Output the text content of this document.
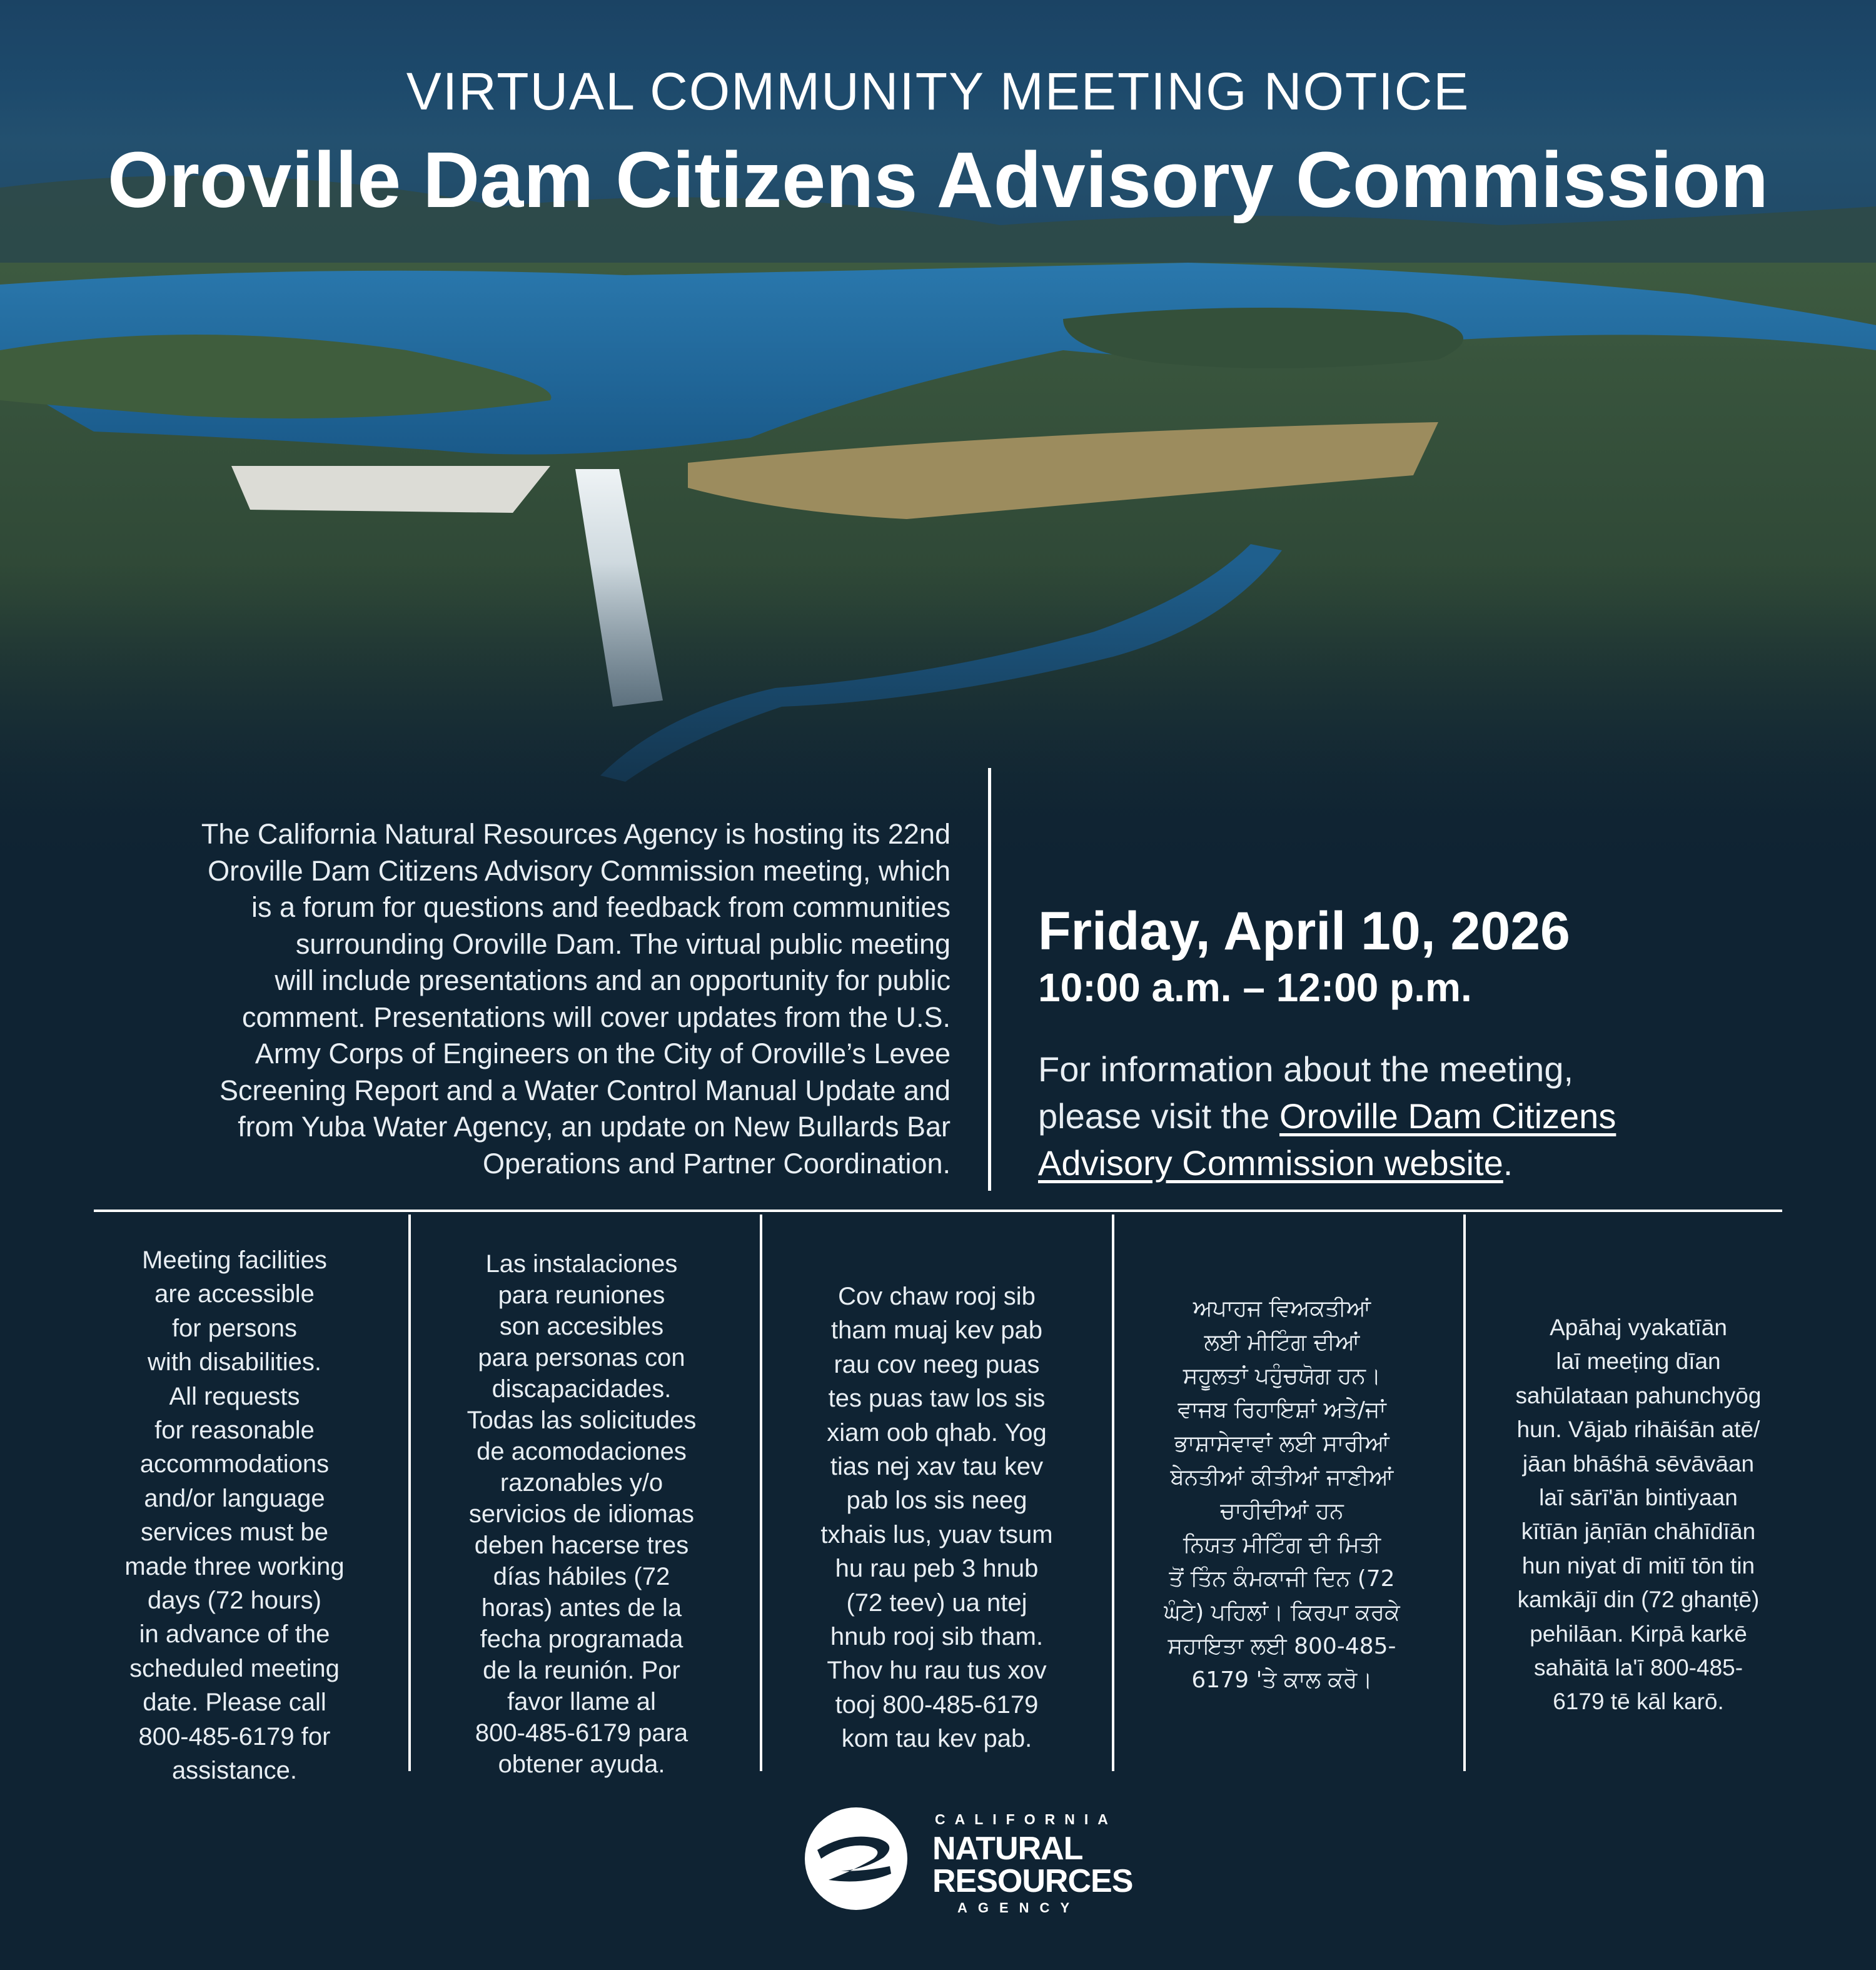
VIRTUAL COMMUNITY MEETING NOTICE
Oroville Dam Citizens Advisory Commission
The California Natural Resources Agency is hosting its 22nd
Oroville Dam Citizens Advisory Commission meeting, which
is a forum for questions and feedback from communities
surrounding Oroville Dam. The virtual public meeting
will include presentations and an opportunity for public
comment. Presentations will cover updates from the U.S.
Army Corps of Engineers on the City of Oroville’s Levee
Screening Report and a Water Control Manual Update and
from Yuba Water Agency, an update on New Bullards Bar
Operations and Partner Coordination.
Friday, April 10, 2026
10:00 a.m. – 12:00 p.m.
For information about the meeting,
please visit the Oroville Dam Citizens
Advisory Commission website.

Meeting facilities

are accessible

for persons

with disabilities.

All requests

for reasonable

accommodations

and/or language

services must be

made three working

days (72 hours)

in advance of the

scheduled meeting

date. Please call

800-485-6179 for

assistance.

Las instalaciones

para reuniones

son accesibles

para personas con

discapacidades.

Todas las solicitudes

de acomodaciones

razonables y/o

servicios de idiomas

deben hacerse tres

días hábiles (72

horas) antes de la

fecha programada

de la reunión. Por

favor llame al

800-485-6179 para

obtener ayuda.

Cov chaw rooj sib

tham muaj kev pab

rau cov neeg puas

tes puas taw los sis

xiam oob qhab. Yog

tias nej xav tau kev

pab los sis neeg

txhais lus, yuav tsum

hu rau peb 3 hnub

(72 teev) ua ntej

hnub rooj sib tham.

Thov hu rau tus xov

tooj 800-485-6179

kom tau kev pab.

ਅਪਾਹਜ ਵਿਅਕਤੀਆਂ

ਲਈ ਮੀਟਿੰਗ ਦੀਆਂ

ਸਹੂਲਤਾਂ ਪਹੁੰਚਯੋਗ ਹਨ।

ਵਾਜਬ ਰਿਹਾਇਸ਼ਾਂ ਅਤੇ/ਜਾਂ

ਭਾਸ਼ਾਸੇਵਾਵਾਂ ਲਈ ਸਾਰੀਆਂ

ਬੇਨਤੀਆਂ ਕੀਤੀਆਂ ਜਾਣੀਆਂ

ਚਾਹੀਦੀਆਂ ਹਨ

ਨਿਯਤ ਮੀਟਿੰਗ ਦੀ ਮਿਤੀ

ਤੋਂ ਤਿੰਨ ਕੰਮਕਾਜੀ ਦਿਨ (72

ਘੰਟੇ) ਪਹਿਲਾਂ। ਕਿਰਪਾ ਕਰਕੇ

ਸਹਾਇਤਾ ਲਈ 800-485-

6179 'ਤੇ ਕਾਲ ਕਰੋ।

Apāhaj vyakatīān

laī meeṭing dīan

sahūlataan pahunchyōg

hun. Vājab rihāiśān atē/

jāan bhāśhā sēvāvāan

laī sārī'ān bintiyaan

kītīān jāṇīān chāhīdīān

hun niyat dī mitī tōn tin

kamkājī din (72 ghanṭē)

pehilāan. Kirpā karkē

sahāitā la'ī 800-485-

6179 tē kāl karō.

CALIFORNIA
NATURAL
RESOURCES
AGENCY
